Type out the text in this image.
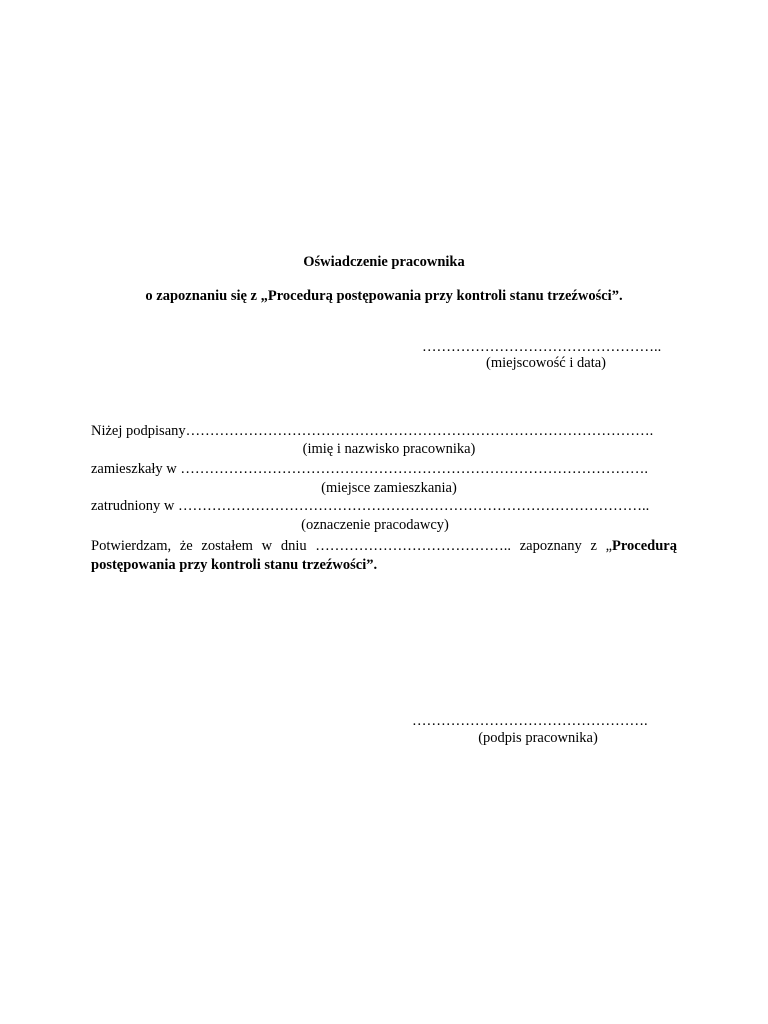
Oświadczenie pracownika
o zapoznaniu się z „Procedurą postępowania przy kontroli stanu trzeźwości”.
…………………………………………..
(miejscowość i data)
Niżej podpisany…………………………………………………………………………………….
(imię i nazwisko pracownika)
zamieszkały w …………………………………………………………………………………….
(miejsce zamieszkania)
zatrudniony w ……………………………………………………………………………………..
(oznaczenie pracodawcy)
Potwierdzam, że zostałem w dniu ………………………………….. zapoznany z „Procedurą postępowania przy kontroli stanu trzeźwości”.
………………………………………….
(podpis pracownika)
